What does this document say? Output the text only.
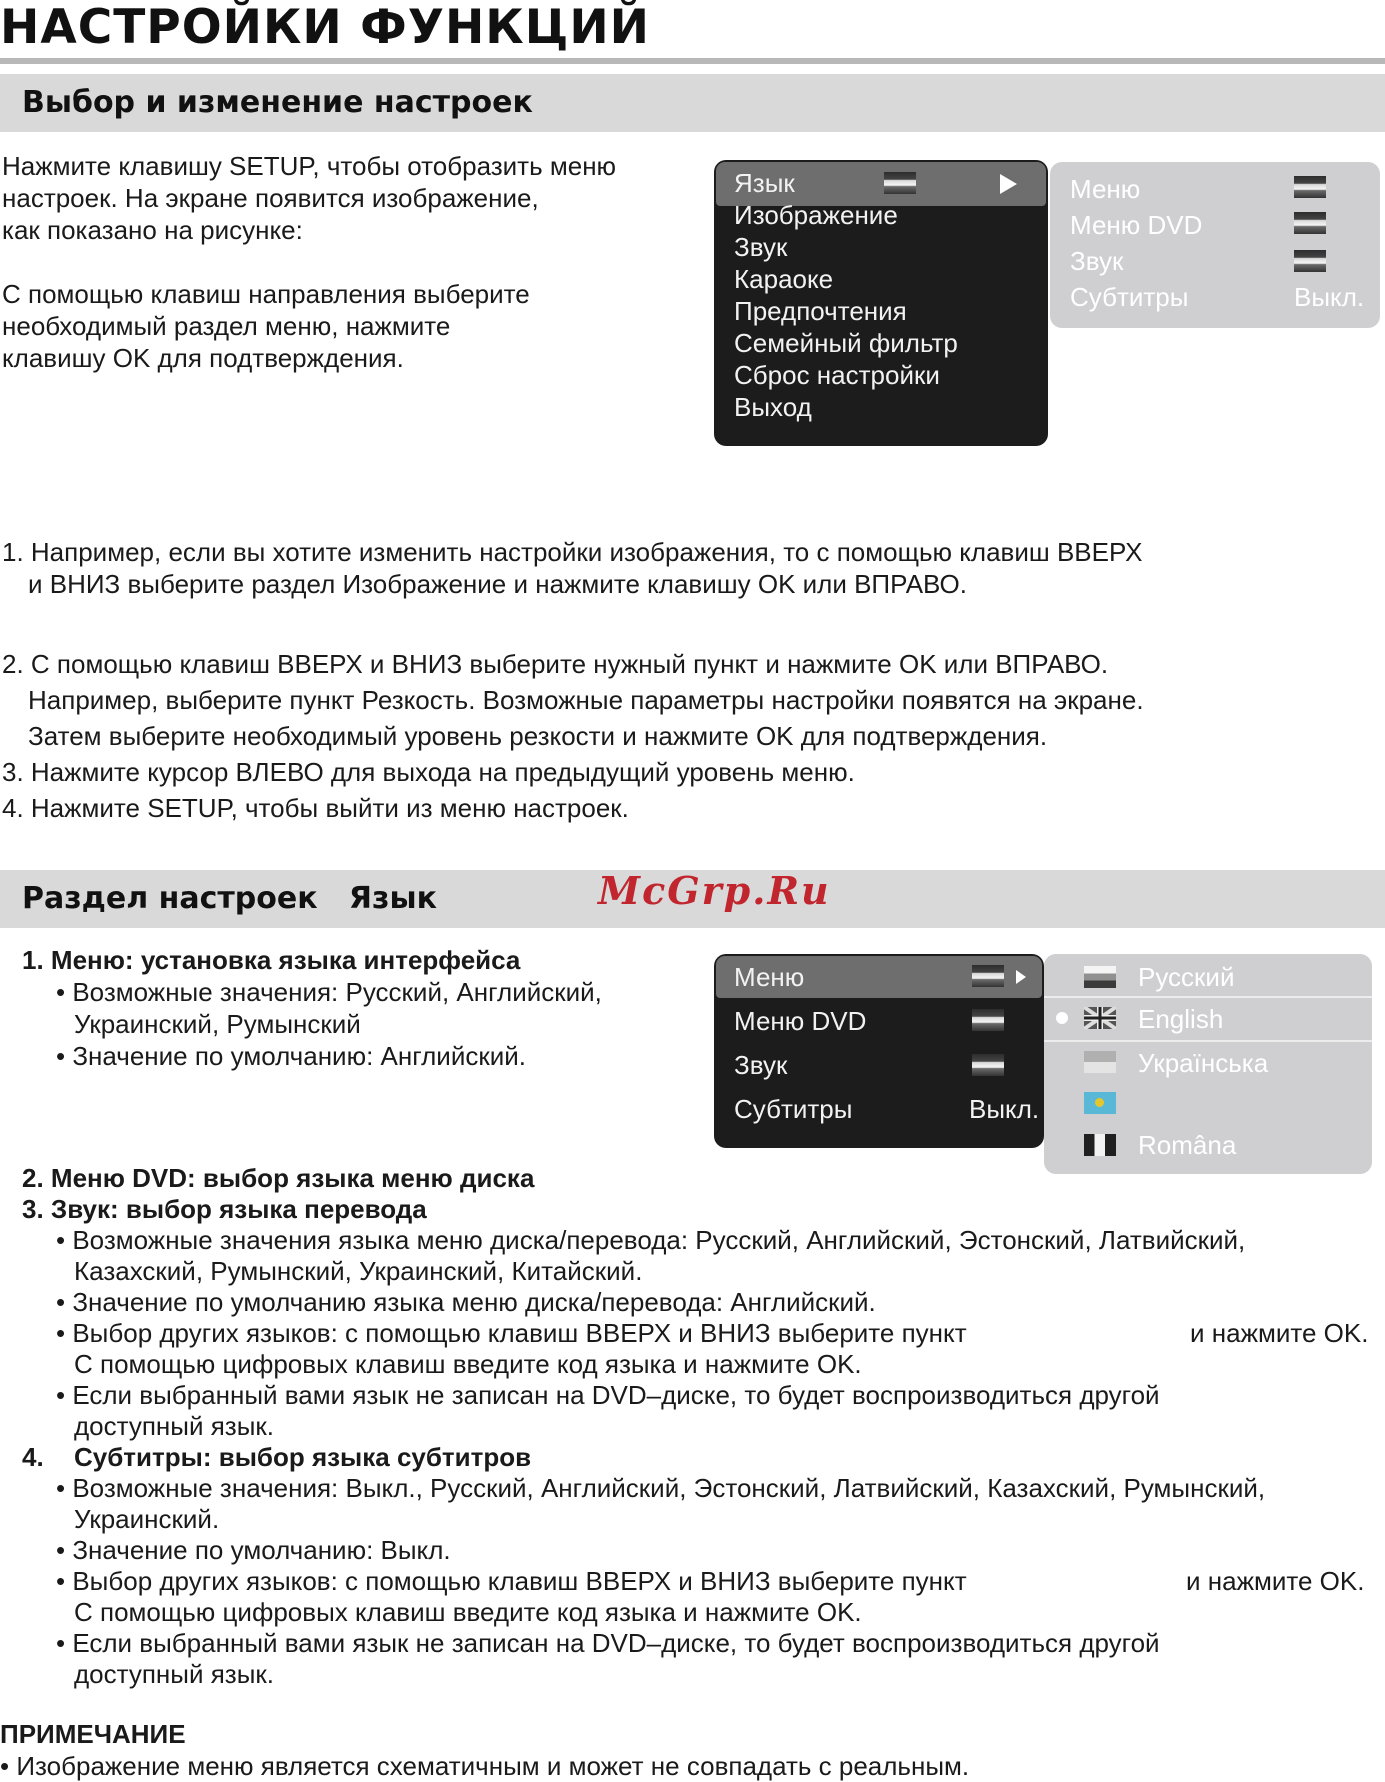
НАСТРОЙКИ ФУНКЦИЙ
Выбор и изменение настроек
Нажмите клавишу SETUP, чтобы отобразить меню
настроек. На экране появится изображение,
как показано на рисунке:
С помощью клавиш направления выберите
необходимый раздел меню, нажмите
клавишу OK для подтверждения.
Язык
Изображение
Звук
Караоке
Предпочтения
Семейный фильтр
Сброс настройки
Выход
Меню
Меню DVD
Звук
Субтитры	Выкл.
1. Например, если вы хотите изменить настройки изображения, то с помощью клавиш ВВЕРХ
и ВНИЗ выберите раздел Изображение и нажмите клавишу OK или ВПРАВО.
2. С помощью клавиш ВВЕРХ и ВНИЗ выберите нужный пункт и нажмите OK или ВПРАВО.
Например, выберите пункт Резкость. Возможные параметры настройки появятся на экране.
Затем выберите необходимый уровень резкости и нажмите OK для подтверждения.
3. Нажмите курсор ВЛЕВО для выхода на предыдущий уровень меню.
4. Нажмите SETUP, чтобы выйти из меню настроек.
Раздел настроек   Язык	McGrp.Ru
1. Меню: установка языка интерфейса
• Возможные значения: Русский, Английский,
Украинский, Румынский
• Значение по умолчанию: Английский.
Меню
Меню DVD
Звук
Субтитры	Выкл.
Русский
English
Українська
Româna
2. Меню DVD: выбор языка меню диска
3. Звук: выбор языка перевода
• Возможные значения языка меню диска/перевода: Русский, Английский, Эстонский, Латвийский,
Казахский, Румынский, Украинский, Китайский.
• Значение по умолчанию языка меню диска/перевода: Английский.
• Выбор других языков: с помощью клавиш ВВЕРХ и ВНИЗ выберите пункт	и нажмите OK.
С помощью цифровых клавиш введите код языка и нажмите OK.
• Если выбранный вами язык не записан на DVD–диске, то будет воспроизводиться другой
доступный язык.
4. Субтитры: выбор языка субтитров
• Возможные значения: Выкл., Русский, Английский, Эстонский, Латвийский, Казахский, Румынский,
Украинский.
• Значение по умолчанию: Выкл.
• Выбор других языков: с помощью клавиш ВВЕРХ и ВНИЗ выберите пункт	и нажмите OK.
С помощью цифровых клавиш введите код языка и нажмите OK.
• Если выбранный вами язык не записан на DVD–диске, то будет воспроизводиться другой
доступный язык.
ПРИМЕЧАНИЕ
• Изображение меню является схематичным и может не совпадать с реальным.
